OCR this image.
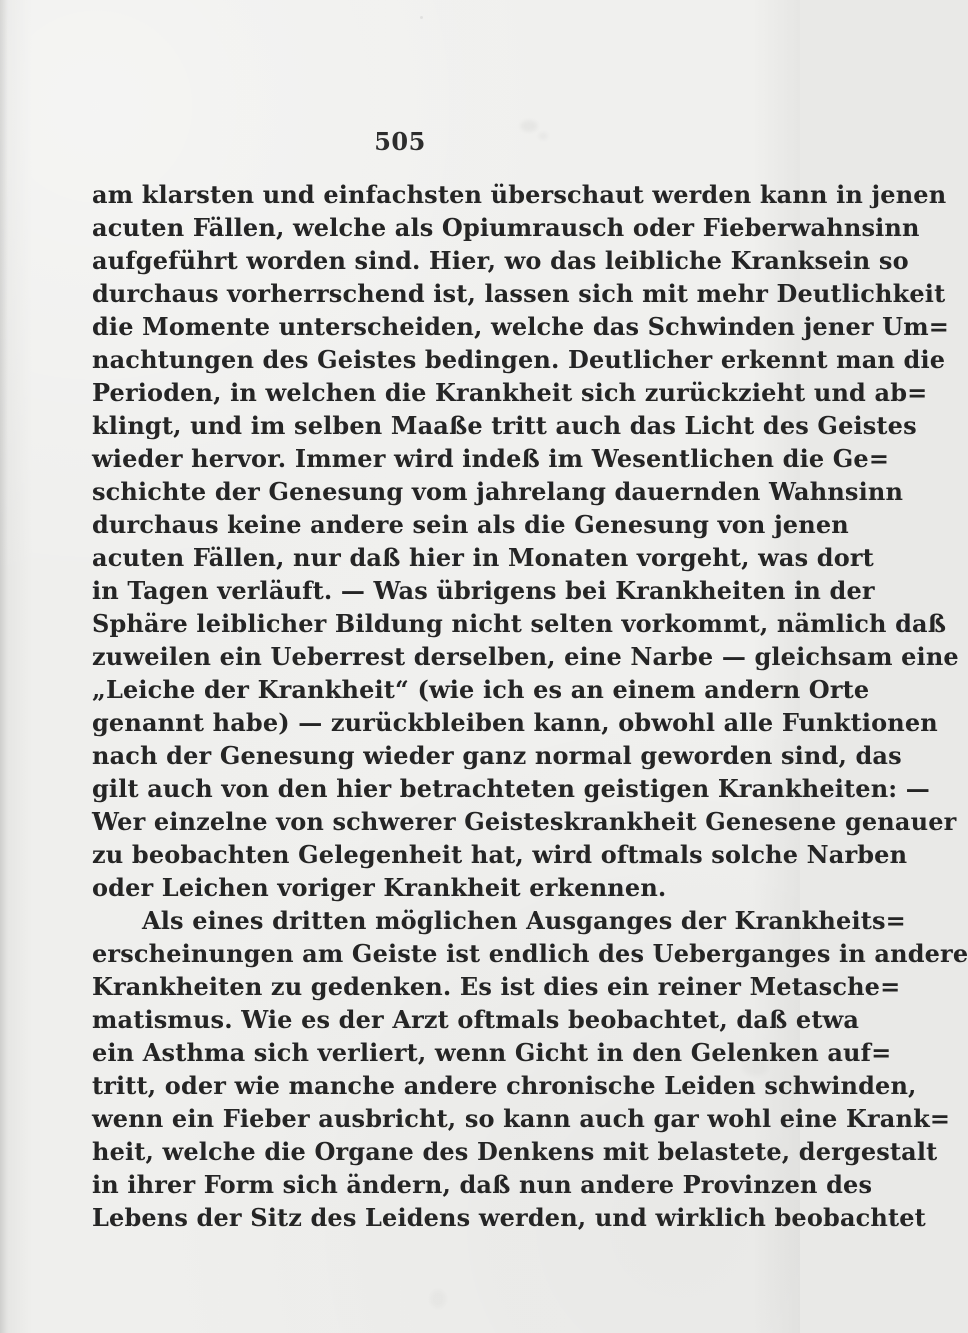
505
am klarsten und einfachsten überschaut werden kann in jenen
acuten Fällen, welche als Opiumrausch oder Fieberwahnsinn
aufgeführt worden sind. Hier, wo das leibliche Kranksein so
durchaus vorherrschend ist, lassen sich mit mehr Deutlichkeit
die Momente unterscheiden, welche das Schwinden jener Um=
nachtungen des Geistes bedingen. Deutlicher erkennt man die
Perioden, in welchen die Krankheit sich zurückzieht und ab=
klingt, und im selben Maaße tritt auch das Licht des Geistes
wieder hervor. Immer wird indeß im Wesentlichen die Ge=
schichte der Genesung vom jahrelang dauernden Wahnsinn
durchaus keine andere sein als die Genesung von jenen
acuten Fällen, nur daß hier in Monaten vorgeht, was dort
in Tagen verläuft. — Was übrigens bei Krankheiten in der
Sphäre leiblicher Bildung nicht selten vorkommt, nämlich daß
zuweilen ein Ueberrest derselben, eine Narbe — gleichsam eine
„Leiche der Krankheit“ (wie ich es an einem andern Orte
genannt habe) — zurückbleiben kann, obwohl alle Funktionen
nach der Genesung wieder ganz normal geworden sind, das
gilt auch von den hier betrachteten geistigen Krankheiten: —
Wer einzelne von schwerer Geisteskrankheit Genesene genauer
zu beobachten Gelegenheit hat, wird oftmals solche Narben
oder Leichen voriger Krankheit erkennen.
Als eines dritten möglichen Ausganges der Krankheits=
erscheinungen am Geiste ist endlich des Ueberganges in andere
Krankheiten zu gedenken. Es ist dies ein reiner Metasche=
matismus. Wie es der Arzt oftmals beobachtet, daß etwa
ein Asthma sich verliert, wenn Gicht in den Gelenken auf=
tritt, oder wie manche andere chronische Leiden schwinden,
wenn ein Fieber ausbricht, so kann auch gar wohl eine Krank=
heit, welche die Organe des Denkens mit belastete, dergestalt
in ihrer Form sich ändern, daß nun andere Provinzen des
Lebens der Sitz des Leidens werden, und wirklich beobachtet
